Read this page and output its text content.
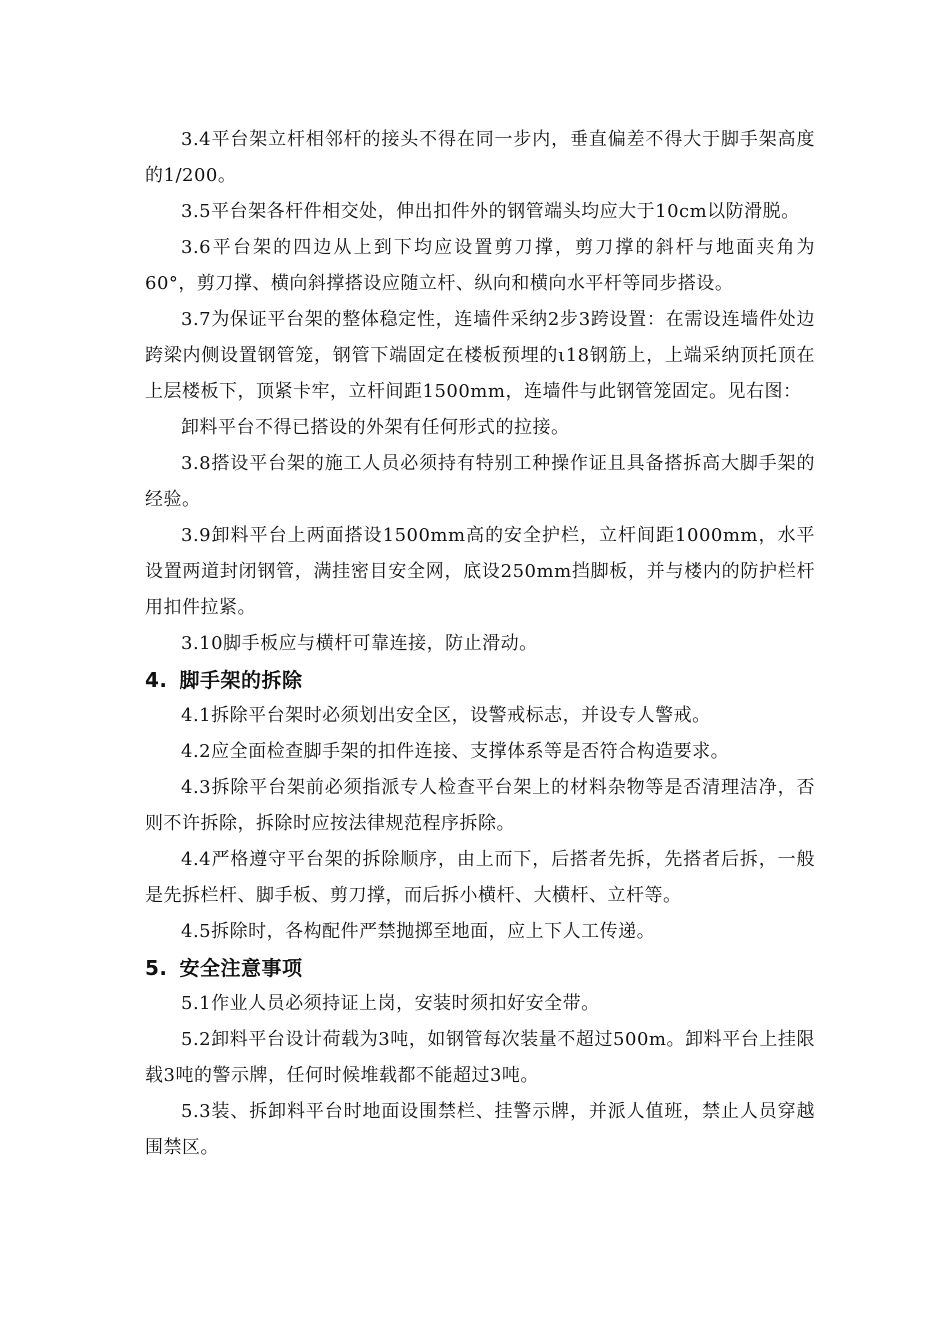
3.4平台架立杆相邻杆的接头不得在同一步内，垂直偏差不得大于脚手架高度的1/200。

3.5平台架各杆件相交处，伸出扣件外的钢管端头均应大于10cm以防滑脱。

3.6平台架的四边从上到下均应设置剪刀撑，剪刀撑的斜杆与地面夹角为60°，剪刀撑、横向斜撑搭设应随立杆、纵向和横向水平杆等同步搭设。

3.7为保证平台架的整体稳定性，连墙件采纳2步3跨设置：在需设连墙件处边跨梁内侧设置钢管笼，钢管下端固定在楼板预埋的ι18钢筋上，上端采纳顶托顶在上层楼板下，顶紧卡牢，立杆间距1500mm，连墙件与此钢管笼固定。见右图：

卸料平台不得已搭设的外架有任何形式的拉接。

3.8搭设平台架的施工人员必须持有特别工种操作证且具备搭拆高大脚手架的经验。

3.9卸料平台上两面搭设1500mm高的安全护栏，立杆间距1000mm，水平设置两道封闭钢管，满挂密目安全网，底设250mm挡脚板，并与楼内的防护栏杆用扣件拉紧。

3.10脚手板应与横杆可靠连接，防止滑动。

4. 脚手架的拆除

4.1拆除平台架时必须划出安全区，设警戒标志，并设专人警戒。

4.2应全面检查脚手架的扣件连接、支撑体系等是否符合构造要求。

4.3拆除平台架前必须指派专人检查平台架上的材料杂物等是否清理洁净，否则不许拆除，拆除时应按法律规范程序拆除。

4.4严格遵守平台架的拆除顺序，由上而下，后搭者先拆，先搭者后拆，一般是先拆栏杆、脚手板、剪刀撑，而后拆小横杆、大横杆、立杆等。

4.5拆除时，各构配件严禁抛掷至地面，应上下人工传递。

5. 安全注意事项

5.1作业人员必须持证上岗，安装时须扣好安全带。

5.2卸料平台设计荷载为3吨，如钢管每次装量不超过500m。卸料平台上挂限载3吨的警示牌，任何时候堆载都不能超过3吨。

5.3装、拆卸料平台时地面设围禁栏、挂警示牌，并派人值班，禁止人员穿越围禁区。
